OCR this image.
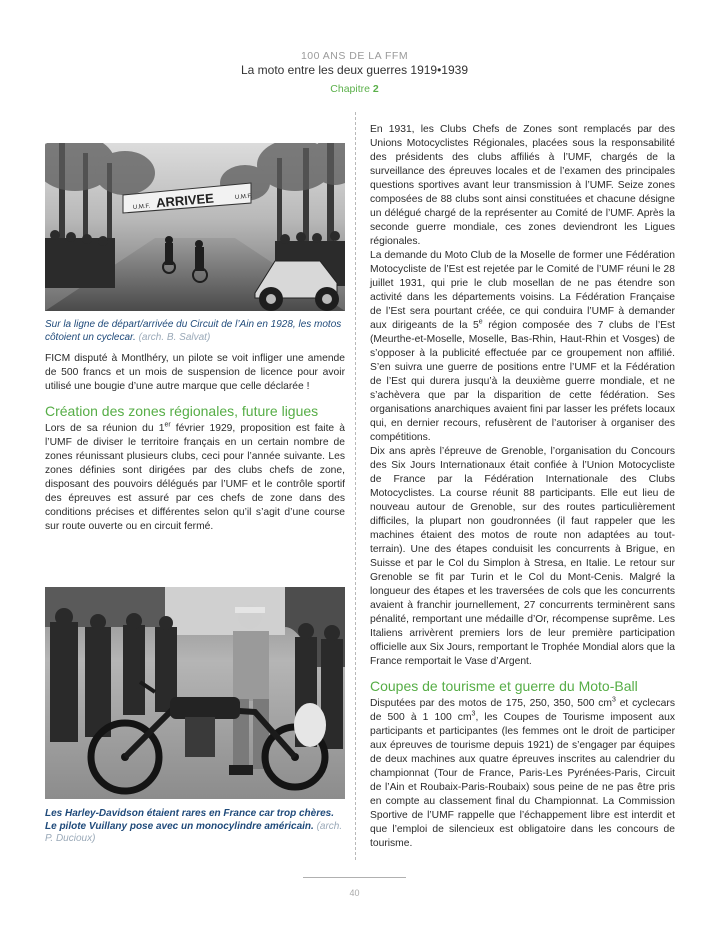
100 ANS DE LA FFM
La moto entre les deux guerres 1919•1939
Chapitre 2
ARRIVEE
U.M.F.
U.M.F.
Sur la ligne de départ/arrivée du Circuit de l’Ain en 1928, les motos côtoient un cyclecar. (arch. B. Salvat)

FICM disputé à Montlhéry, un pilote se voit infliger une amende de 500 francs et un mois de suspension de licence pour avoir utilisé une bougie d’une autre marque que celle déclarée !

Création des zones régionales, future ligues

Lors de sa réunion du 1er février 1929, proposition est faite à l’UMF de diviser le territoire français en un certain nombre de zones réunissant plusieurs clubs, ceci pour l’année suivante. Les zones définies sont dirigées par des clubs chefs de zone, disposant des pouvoirs délégués par l’UMF et le contrôle sportif des épreuves est assuré par ces chefs de zone dans des conditions précises et différentes selon qu’il s’agit d’une course sur route ouverte ou en circuit fermé.

Les Harley-Davidson étaient rares en France car trop chères. Le pilote Vuillany pose avec un monocylindre américain. (arch. P. Ducioux)

En 1931, les Clubs Chefs de Zones sont remplacés par des Unions Motocyclistes Régionales, placées sous la responsabilité des présidents des clubs affiliés à l’UMF, chargés de la surveillance des épreuves locales et de l’examen des principales questions sportives avant leur transmission à l’UMF. Seize zones composées de 88 clubs sont ainsi constituées et chacune désigne un délégué chargé de la représenter au Comité de l’UMF. Après la seconde guerre mondiale, ces zones deviendront les Ligues régionales.

La demande du Moto Club de la Moselle de former une Fédération Motocycliste de l’Est est rejetée par le Comité de l’UMF réuni le 28 juillet 1931, qui prie le club mosellan de ne pas étendre son activité dans les départements voisins. La Fédération Française de l’Est sera pourtant créée, ce qui conduira l’UMF à demander aux dirigeants de la 5e région composée des 7 clubs de l’Est (Meurthe-et-Moselle, Moselle, Bas-Rhin, Haut-Rhin et Vosges) de s’opposer à la publicité effectuée par ce groupement non affilié. S’en suivra une guerre de positions entre l’UMF et la Fédération de l’Est qui durera jusqu’à la deuxième guerre mondiale, et ne s’achèvera que par la disparition de cette fédération. Ses organisations anarchiques avaient fini par lasser les préfets locaux qui, en dernier recours, refusèrent de l’autoriser à organiser des compétitions.

Dix ans après l’épreuve de Grenoble, l’organisation du Concours des Six Jours Internationaux était confiée à l’Union Motocycliste de France par la Fédération Internationale des Clubs Motocyclistes. La course réunit 88 participants. Elle eut lieu de nouveau autour de Grenoble, sur des routes particulièrement difficiles, la plupart non goudronnées (il faut rappeler que les machines étaient des motos de route non adaptées au tout-terrain). Une des étapes conduisit les concurrents à Brigue, en Suisse et par le Col du Simplon à Stresa, en Italie. Le retour sur Grenoble se fit par Turin et le Col du Mont-Cenis. Malgré la longueur des étapes et les traversées de cols que les concurrents avaient à franchir journellement, 27 concurrents terminèrent sans pénalité, remportant une médaille d’Or, récompense suprême. Les Italiens arrivèrent premiers lors de leur première participation officielle aux Six Jours, remportant le Trophée Mondial alors que la France remportait le Vase d’Argent.

Coupes de tourisme et guerre du Moto-Ball

Disputées par des motos de 175, 250, 350, 500 $cm^3$ et cyclecars de 500 à 1 100 $cm^3$, les Coupes de Tourisme imposent aux participants et participantes (les femmes ont le droit de participer aux épreuves de tourisme depuis 1921) de s’engager par équipes de deux machines aux quatre épreuves inscrites au calendrier du championnat (Tour de France, Paris-Les Pyrénées-Paris, Circuit de l’Ain et Roubaix-Paris-Roubaix) sous peine de ne pas être pris en compte au classement final du Championnat. La Commission Sportive de l’UMF rappelle que l’échappement libre est interdit et que l’emploi de silencieux est obligatoire dans les concours de tourisme.

40
